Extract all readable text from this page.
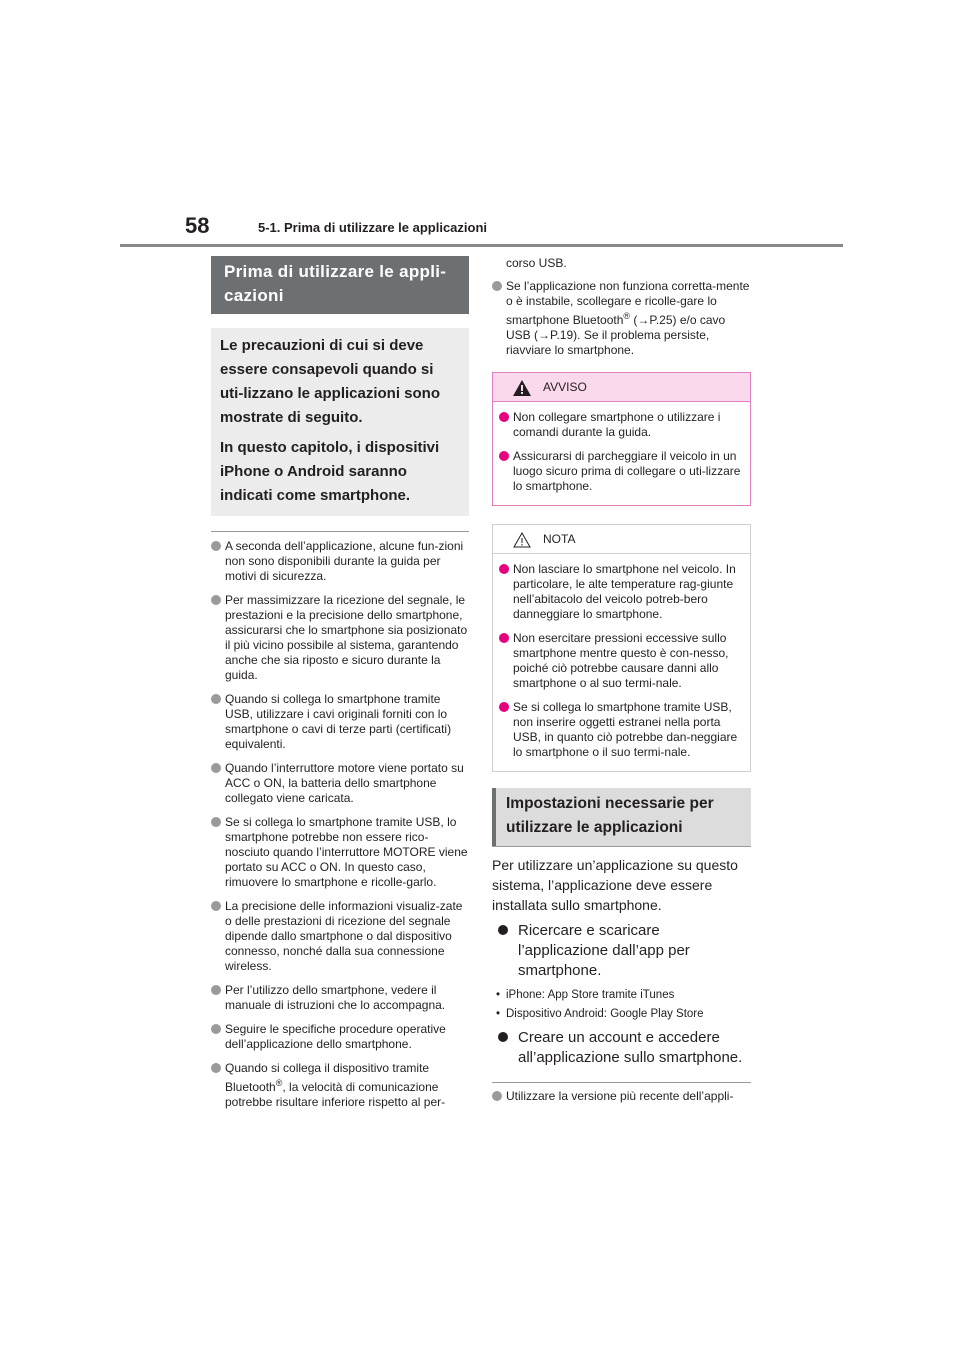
58	5-1. Prima di utilizzare le applicazioni
Prima di utilizzare le appli-cazioni

Le precauzioni di cui si deve essere consapevoli quando si uti-lizzano le applicazioni sono mostrate di seguito.

In questo capitolo, i dispositivi iPhone o Android saranno indicati come smartphone.

A seconda dell’applicazione, alcune fun-zioni non sono disponibili durante la guida per motivi di sicurezza.
Per massimizzare la ricezione del segnale, le prestazioni e la precisione dello smartphone, assicurarsi che lo smartphone sia posizionato il più vicino possibile al sistema, garantendo anche che sia riposto e sicuro durante la guida.
Quando si collega lo smartphone tramite USB, utilizzare i cavi originali forniti con lo smartphone o cavi di terze parti (certificati) equivalenti.
Quando l’interruttore motore viene portato su ACC o ON, la batteria dello smartphone collegato viene caricata.
Se si collega lo smartphone tramite USB, lo smartphone potrebbe non essere rico-nosciuto quando l’interruttore MOTORE viene portato su ACC o ON. In questo caso, rimuovere lo smartphone e ricolle-garlo.
La precisione delle informazioni visualiz-zate o delle prestazioni di ricezione del segnale dipende dallo smartphone o dal dispositivo connesso, nonché dalla sua connessione wireless.
Per l’utilizzo dello smartphone, vedere il manuale di istruzioni che lo accompagna.
Seguire le specifiche procedure operative dell’applicazione dello smartphone.
Quando si collega il dispositivo tramite Bluetooth®, la velocità di comunicazione potrebbe risultare inferiore rispetto al per-
corso USB.
Se l’applicazione non funziona corretta-mente o è instabile, scollegare e ricolle-gare lo smartphone Bluetooth® (→P.25) e/o cavo USB (→P.19). Se il problema persiste, riavviare lo smartphone.
AVVISO
Non collegare smartphone o utilizzare i comandi durante la guida.
Assicurarsi di parcheggiare il veicolo in un luogo sicuro prima di collegare o uti-lizzare lo smartphone.
NOTA
Non lasciare lo smartphone nel veicolo. In particolare, le alte temperature rag-giunte nell’abitacolo del veicolo potreb-bero danneggiare lo smartphone.
Non esercitare pressioni eccessive sullo smartphone mentre questo è con-nesso, poiché ciò potrebbe causare danni allo smartphone o al suo termi-nale.
Se si collega lo smartphone tramite USB, non inserire oggetti estranei nella porta USB, in quanto ciò potrebbe dan-neggiare lo smartphone o il suo termi-nale.
Impostazioni necessarie per utilizzare le applicazioni

Per utilizzare un’applicazione su questo sistema, l’applicazione deve essere installata sullo smartphone.

Ricercare e scaricare l’applicazione dall’app per smartphone.
• iPhone: App Store tramite iTunes
• Dispositivo Android: Google Play Store
Creare un account e accedere all’applicazione sullo smartphone.
Utilizzare la versione più recente dell’appli-
